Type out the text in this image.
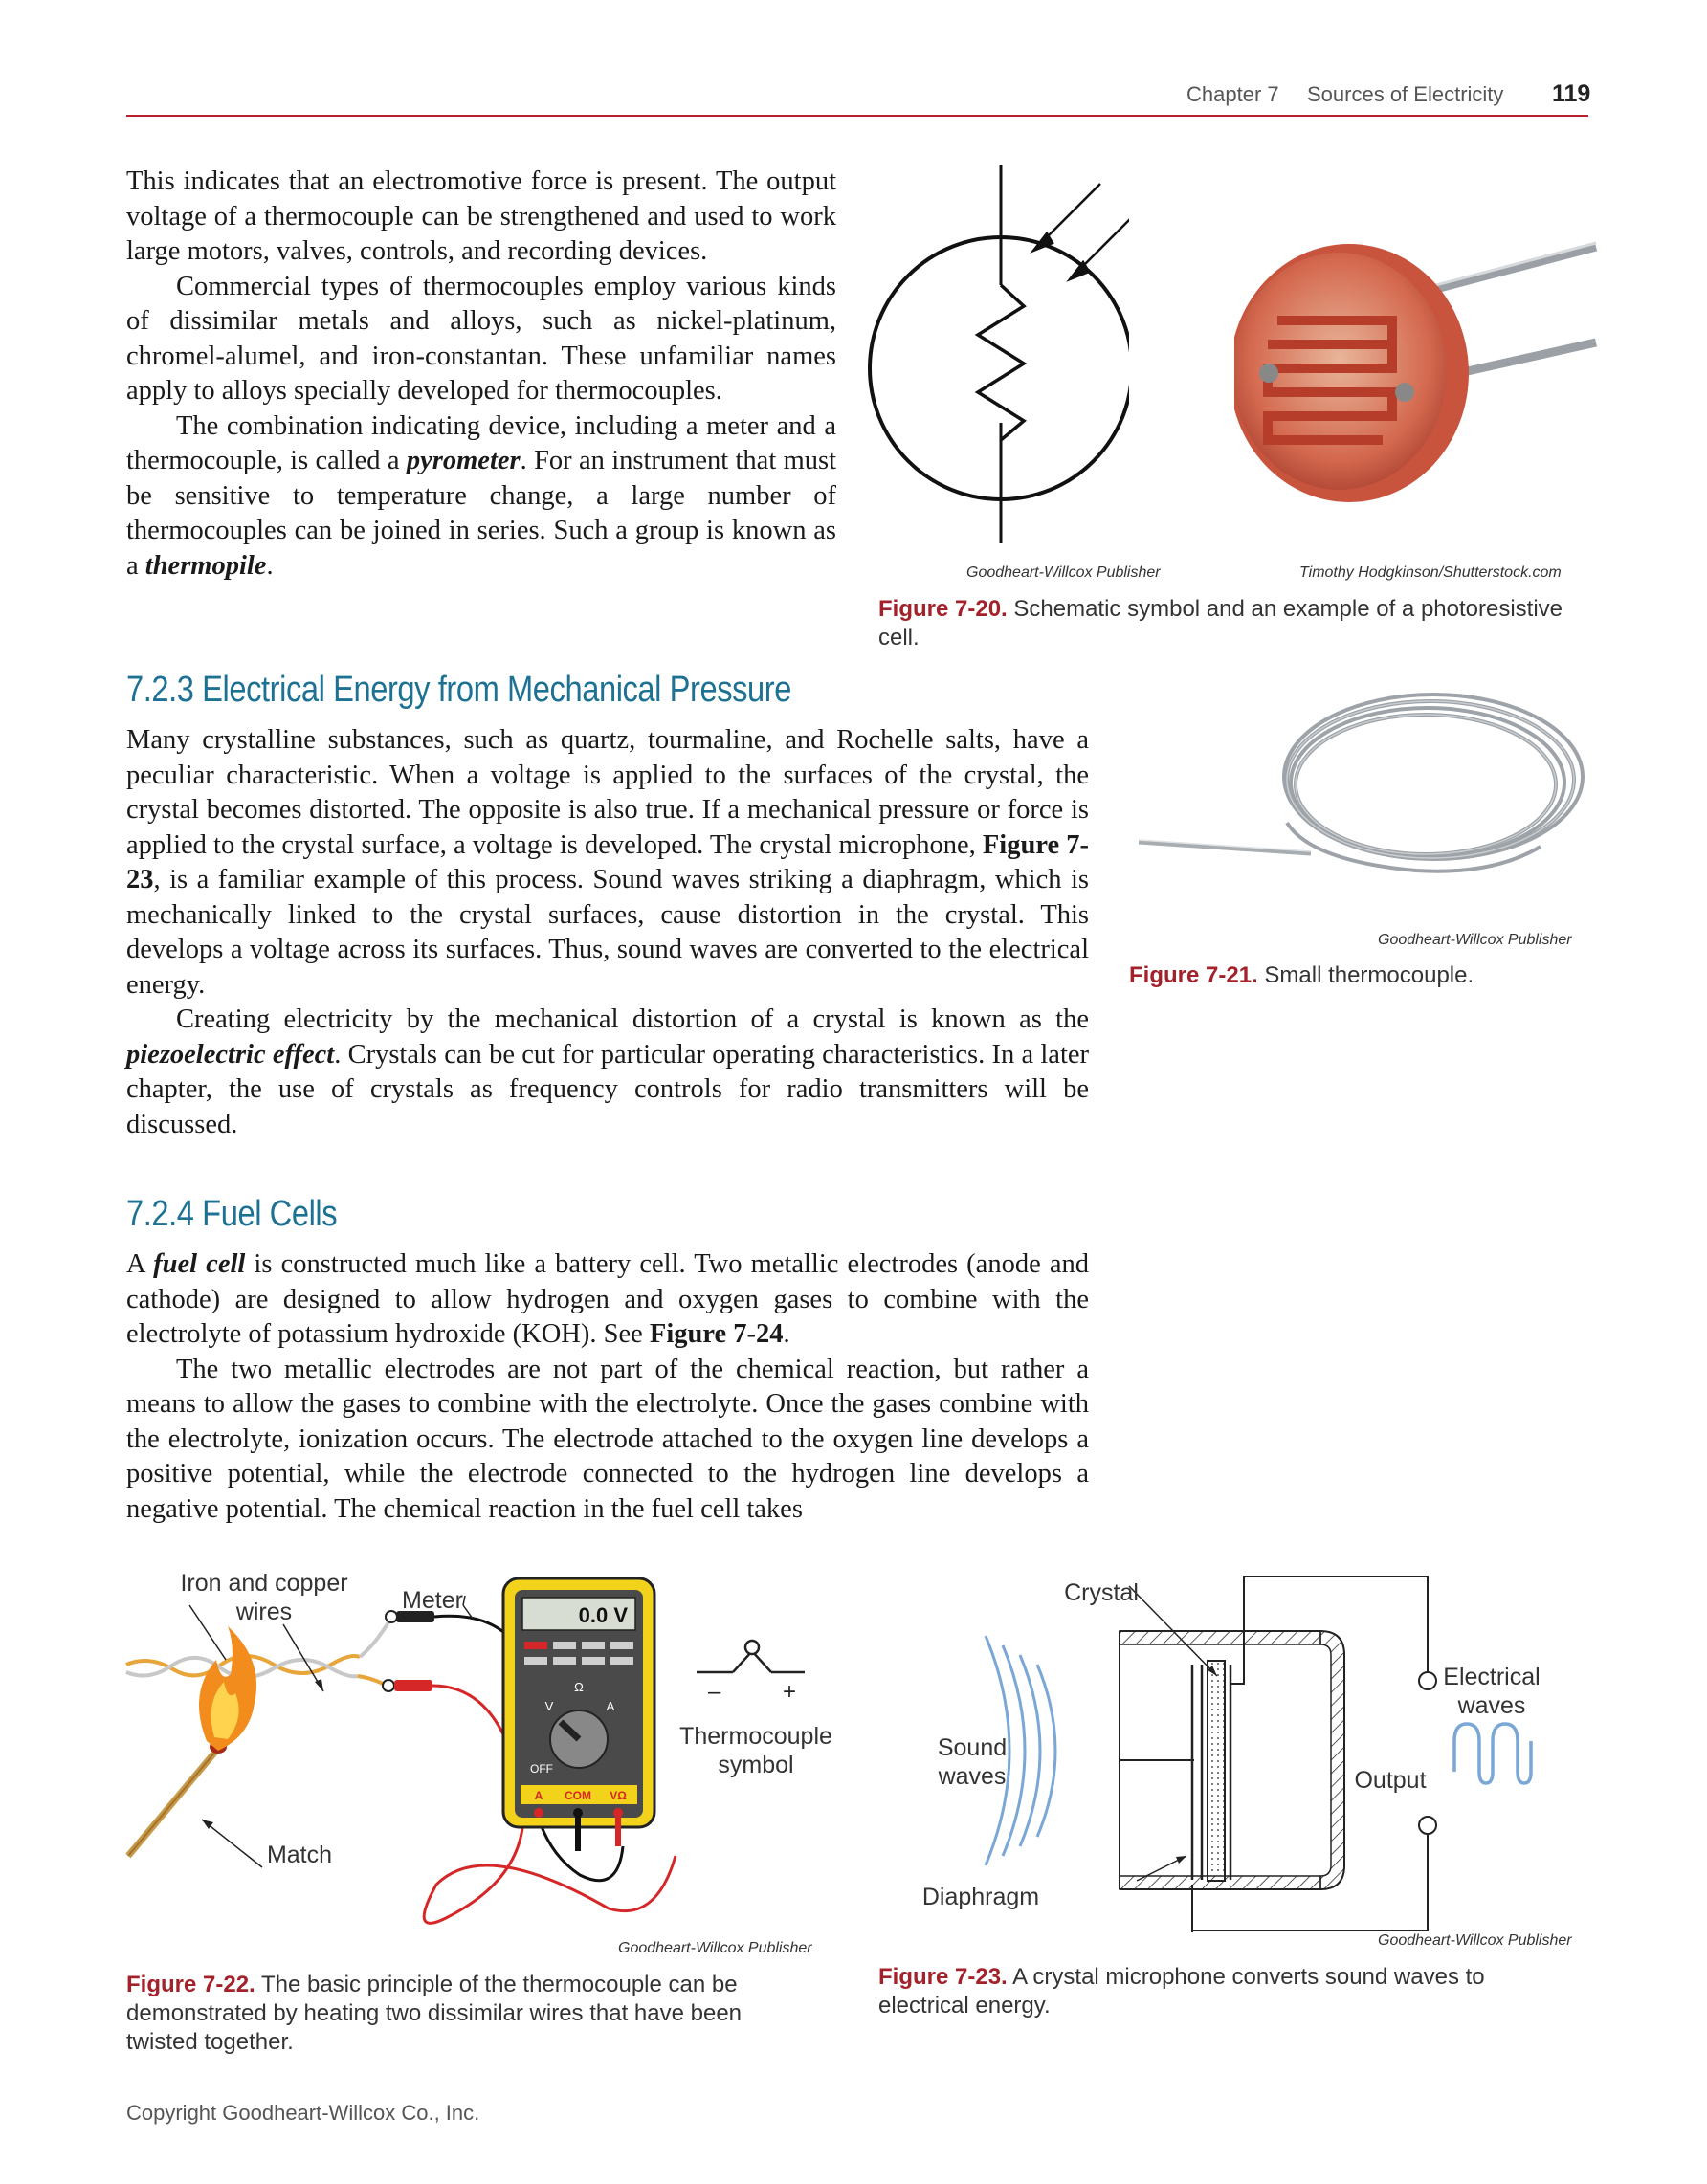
Chapter 7 Sources of Electricity 119

This indicates that an electromotive force is present. The output voltage of a thermocouple can be strengthened and used to work large motors, valves, controls, and recording devices.

Commercial types of thermocouples employ various kinds of dissimilar metals and alloys, such as nickel-platinum, chromel-alumel, and iron-constantan. These unfamiliar names apply to alloys specially developed for thermocouples.

The combination indicating device, including a meter and a thermocouple, is called a pyrometer. For an instrument that must be sensitive to temperature change, a large number of thermocouples can be joined in series. Such a group is known as a thermopile.	Goodheart-Willcox Publisher	Timothy Hodgkinson/Shutterstock.com
Figure 7-20. Schematic symbol and an example of a photoresistive cell.
7.2.3 Electrical Energy from Mechanical Pressure

Many crystalline substances, such as quartz, tourmaline, and Rochelle salts, have a peculiar characteristic. When a voltage is applied to the surfaces of the crystal, the crystal becomes distorted. The opposite is also true. If a mechanical pressure or force is applied to the crystal surface, a voltage is developed. The crystal microphone, Figure 7-23, is a familiar example of this process. Sound waves striking a diaphragm, which is mechanically linked to the crystal surfaces, cause distortion in the crystal. This develops a voltage across its surfaces. Thus, sound waves are converted to the electrical energy.

Creating electricity by the mechanical distortion of a crystal is known as the piezoelectric effect. Crystals can be cut for particular operating characteristics. In a later chapter, the use of crystals as frequency controls for radio transmitters will be discussed.

Goodheart-Willcox Publisher
Figure 7-21. Small thermocouple.
7.2.4 Fuel Cells

A fuel cell is constructed much like a battery cell. Two metallic electrodes (anode and cathode) are designed to allow hydrogen and oxygen gases to combine with the electrolyte of potassium hydroxide (KOH). See Figure 7-24.

The two metallic electrodes are not part of the chemical reaction, but rather a means to allow the gases to combine with the electrolyte. Once the gases combine with the electrolyte, ionization occurs. The electrode attached to the oxygen line develops a positive potential, while the electrode connected to the hydrogen line develops a negative potential. The chemical reaction in the fuel cell takes

0.0 V
Ω
V	A
OFF
A COM VΩ
–	+
Iron and copper wires	Meter
Match
Thermocouple symbol
Goodheart-Willcox Publisher
Figure 7-22. The basic principle of the thermocouple can be demonstrated by heating two dissimilar wires that have been twisted together.
Crystal
Sound waves
Diaphragm
Output
Electrical waves
Goodheart-Willcox Publisher
Figure 7-23. A crystal microphone converts sound waves to electrical energy.
Copyright Goodheart-Willcox Co., Inc.
